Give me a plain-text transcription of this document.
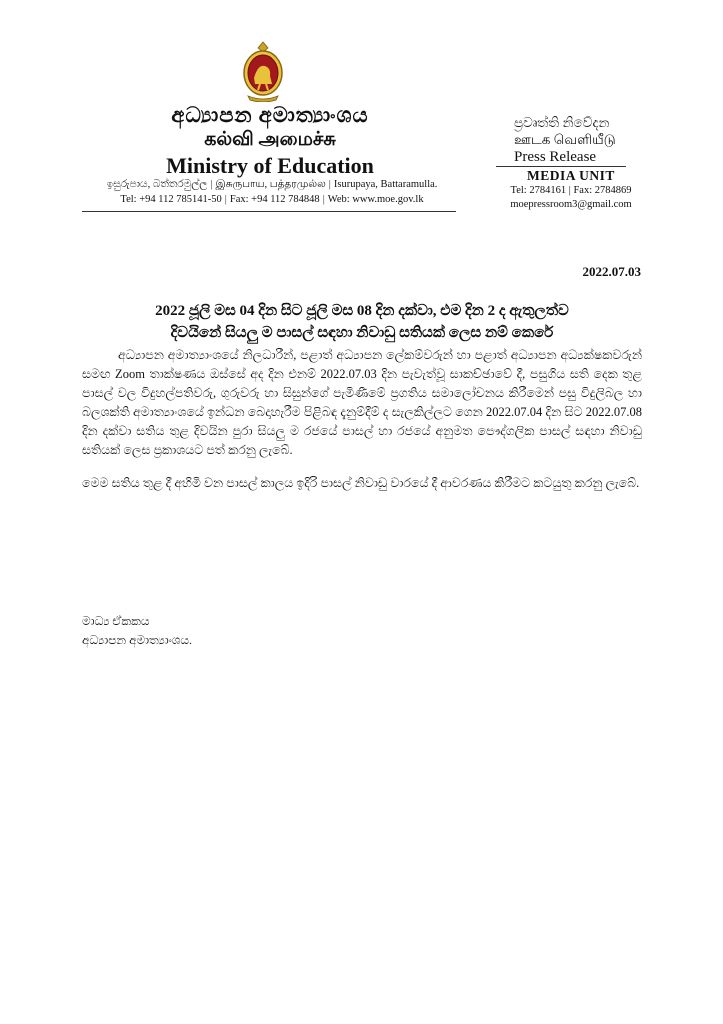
අධ්‍යාපන අමාත්‍යාංශය
கல்வி அமைச்சு
Ministry of Education
ඉසුරුපාය, බත්තරමුල්ල | இசுருபாய, பத்தரமுல்ல | Isurupaya, Battaramulla.
Tel: +94 112 785141-50 | Fax: +94 112 784848 | Web: www.moe.gov.lk
ප්‍රවෘත්ති නිවේදන
ஊடக வெளியீடு
Press Release
MEDIA UNIT
Tel: 2784161 | Fax: 2784869
moepressroom3@gmail.com
2022.07.03
2022 ජූලි මස 04 දින සිට ජූලි මස 08 දින දක්වා, එම දින 2 ද ඇතුලත්ව
දිවයිනේ සියලු ම පාසල් සඳහා නිවාඩු සතියක් ලෙස නම් කෙරේ

අධ්‍යාපන අමාත්‍යාංශයේ නිලධාරීන්, පළාත් අධ්‍යාපන ලේකම්වරුන් හා පළාත් අධ්‍යාපන අධ්‍යක්ෂකවරුන් සමඟ Zoom තාක්ෂණය ඔස්සේ අද දින එනම් 2022.07.03 දින පැවැත්වූ සාකච්ඡාවේ දී, පසුගිය සති දෙක තුළ පාසල් වල විදුහල්පතිවරු, ගුරුවරු හා සිසුන්ගේ පැමිණීමේ ප්‍රගතිය සමාලෝචනය කිරීමෙන් පසු විදුලිබල හා බලශක්ති අමාත්‍යාංශයේ ඉන්ධන බෙදාහැරීම පිළිබඳ දැනුම්දීම් ද සැලකිල්ලට ගෙන 2022.07.04 දින සිට 2022.07.08 දින දක්වා සතිය තුළ දිවයින පුරා සියලු ම රජයේ පාසල් හා රජයේ අනුමත පෞද්ගලික පාසල් සඳහා නිවාඩු සතියක් ලෙස ප්‍රකාශයට පත් කරනු ලැබේ.

මෙම සතිය තුළ දී අහිමි වන පාසල් කාලය ඉදිරි පාසල් නිවාඩු වාරයේ දී ආවරණය කිරීමට කටයුතු කරනු ලැබේ.

මාධ්‍ය ඒකකය
අධ්‍යාපන අමාත්‍යාංශය.
